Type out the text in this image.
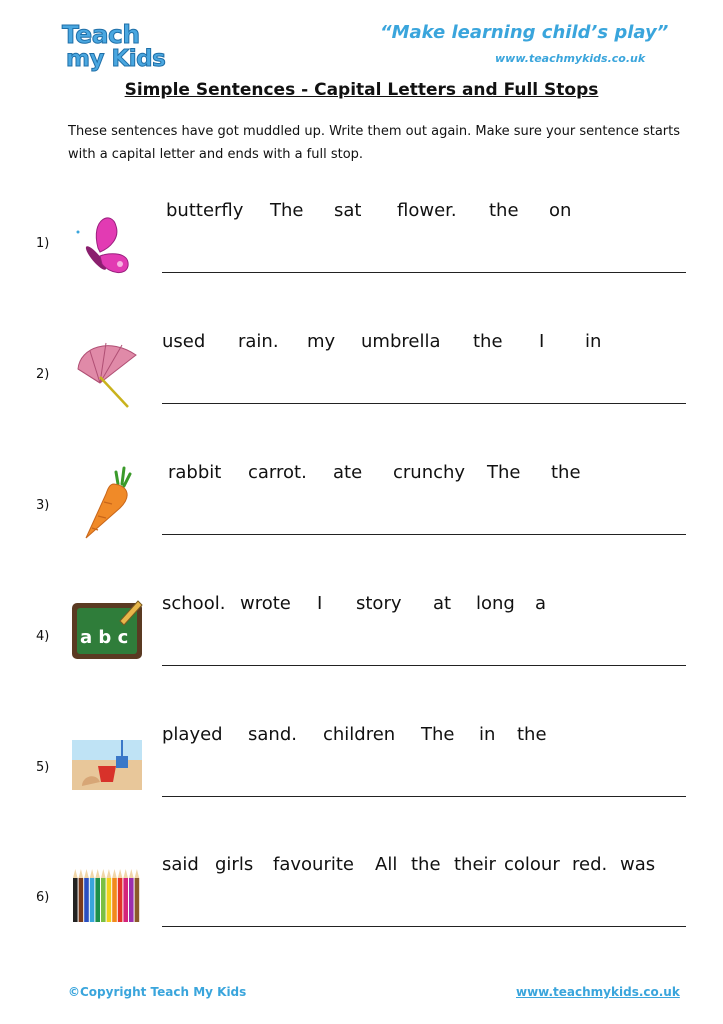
Teach
my Kids
“Make learning child’s play”
www.teachmykids.co.uk
Simple Sentences - Capital Letters and Full Stops
These sentences have got muddled up. Write them out again. Make sure your sentence starts with a capital letter and ends with a full stop.
1)
butterfly The sat flower. the on
2)
used rain. my umbrella the I in
3)
rabbit carrot. ate crunchy The the
4) a b c
school. wrote I story at long a
5)
played sand. children The in the
6)
said girls favourite All the their colour red. was
©Copyright Teach My Kids	www.teachmykids.co.uk
